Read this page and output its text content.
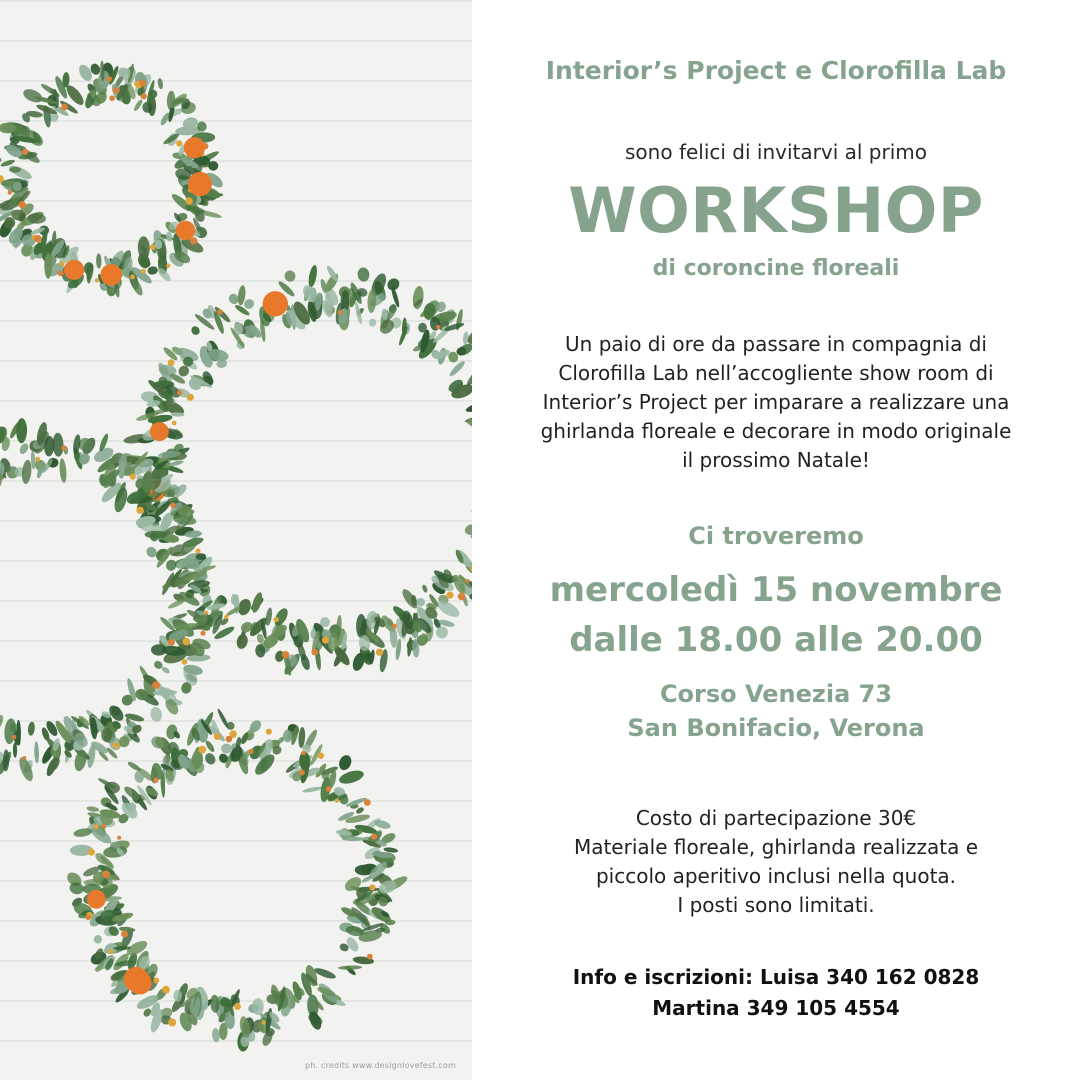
ph. credits www.designlovefest.com
Interior’s Project e Clorofilla Lab
sono felici di invitarvi al primo
WORKSHOP
di coroncine floreali
Un paio di ore da passare in compagnia di
Clorofilla Lab nell’accogliente show room di
Interior’s Project per imparare a realizzare una
ghirlanda floreale e decorare in modo originale
il prossimo Natale!
Ci troveremo
mercoledì 15 novembre
dalle 18.00 alle 20.00
Corso Venezia 73
San Bonifacio, Verona
Costo di partecipazione 30€
Materiale floreale, ghirlanda realizzata e
piccolo aperitivo inclusi nella quota.
I posti sono limitati.
Info e iscrizioni: Luisa 340 162 0828
Martina 349 105 4554
